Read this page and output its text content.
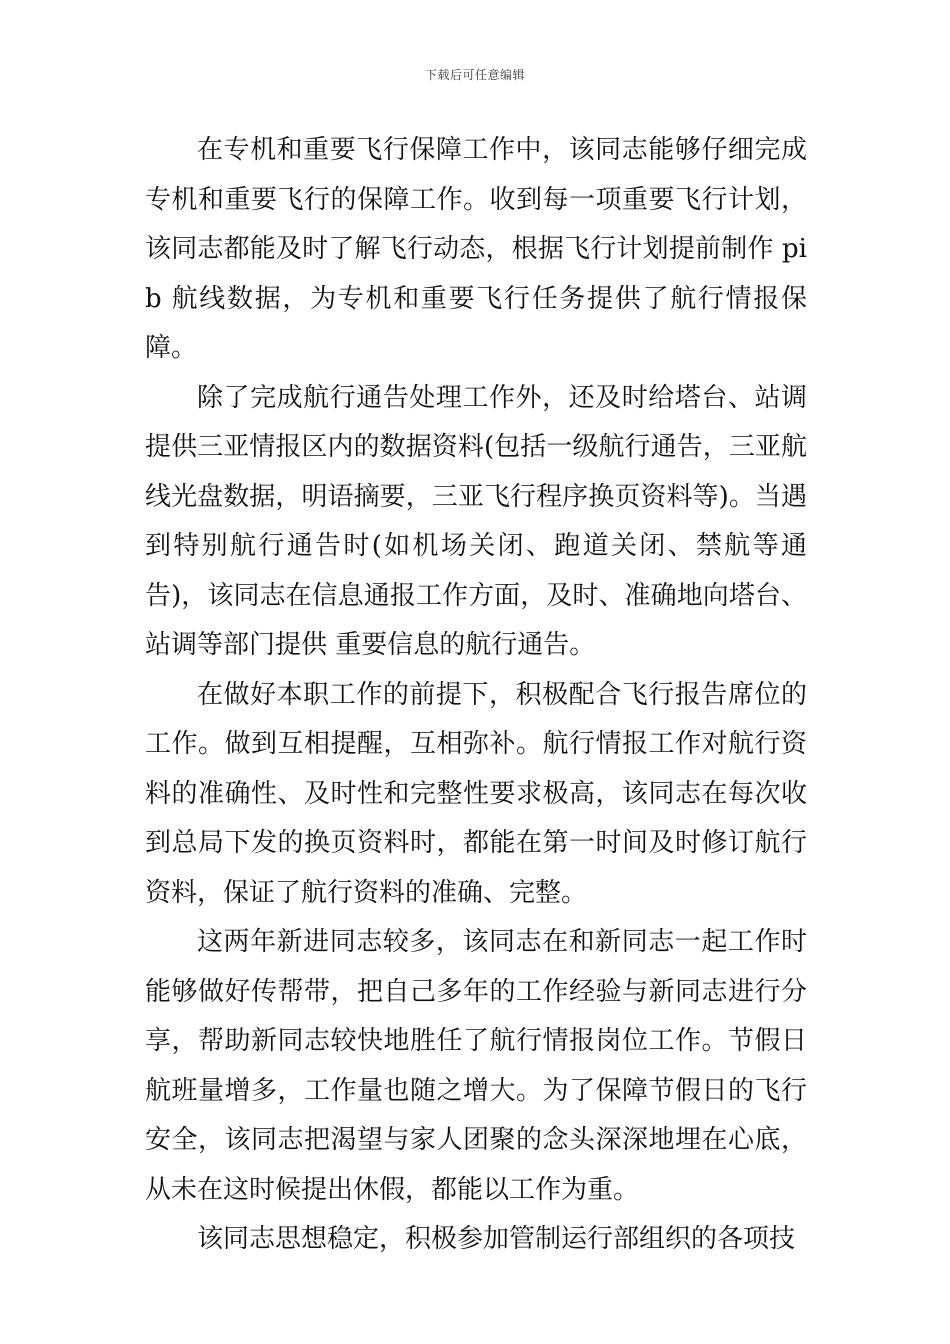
下载后可任意编辑

在专机和重要飞行保障工作中，该同志能够仔细完成专机和重要飞行的保障工作。收到每一项重要飞行计划，该同志都能及时了解飞行动态，根据飞行计划提前制作 pib 航线数据，为专机和重要飞行任务提供了航行情报保障。

除了完成航行通告处理工作外，还及时给塔台、站调提供三亚情报区内的数据资料(包括一级航行通告，三亚航线光盘数据，明语摘要，三亚飞行程序换页资料等)。当遇到特别航行通告时(如机场关闭、跑道关闭、禁航等通告)，该同志在信息通报工作方面，及时、准确地向塔台、站调等部门提供 重要信息的航行通告。

在做好本职工作的前提下，积极配合飞行报告席位的工作。做到互相提醒，互相弥补。航行情报工作对航行资料的准确性、及时性和完整性要求极高，该同志在每次收到总局下发的换页资料时，都能在第一时间及时修订航行资料，保证了航行资料的准确、完整。

这两年新进同志较多，该同志在和新同志一起工作时能够做好传帮带，把自己多年的工作经验与新同志进行分享，帮助新同志较快地胜任了航行情报岗位工作。节假日航班量增多，工作量也随之增大。为了保障节假日的飞行安全，该同志把渴望与家人团聚的念头深深地埋在心底，从未在这时候提出休假，都能以工作为重。

该同志思想稳定，积极参加管制运行部组织的各项技
